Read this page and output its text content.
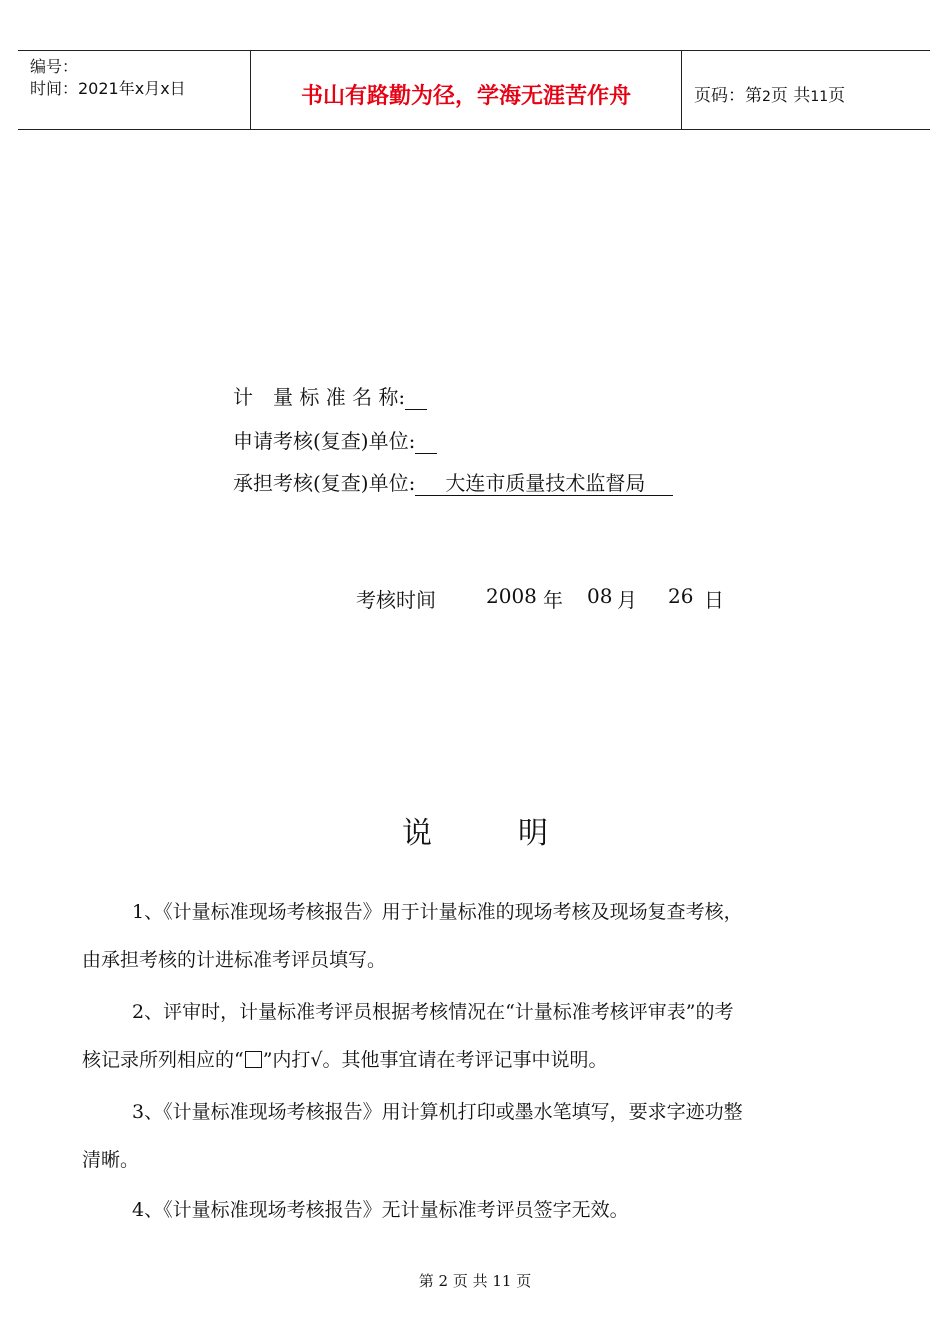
编号：
时间：2021年x月x日	书山有路勤为径，学海无涯苦作舟	页码：第2页 共11页
计　量 标 准 名 称:
申请考核(复查)单位:
承担考核(复查)单位: 大连市质量技术监督局
考核时间	2008 年 08 月 26 日
说	明
1、《计量标准现场考核报告》用于计量标准的现场考核及现场复查考核，
由承担考核的计进标准考评员填写。
2、评审时，计量标准考评员根据考核情况在“计量标准考核评审表”的考
核记录所列相应的“ ”内打√。其他事宜请在考评记事中说明。
3、《计量标准现场考核报告》用计算机打印或墨水笔填写，要求字迹功整
清晰。
4、《计量标准现场考核报告》无计量标准考评员签字无效。
第 2 页 共 11 页
